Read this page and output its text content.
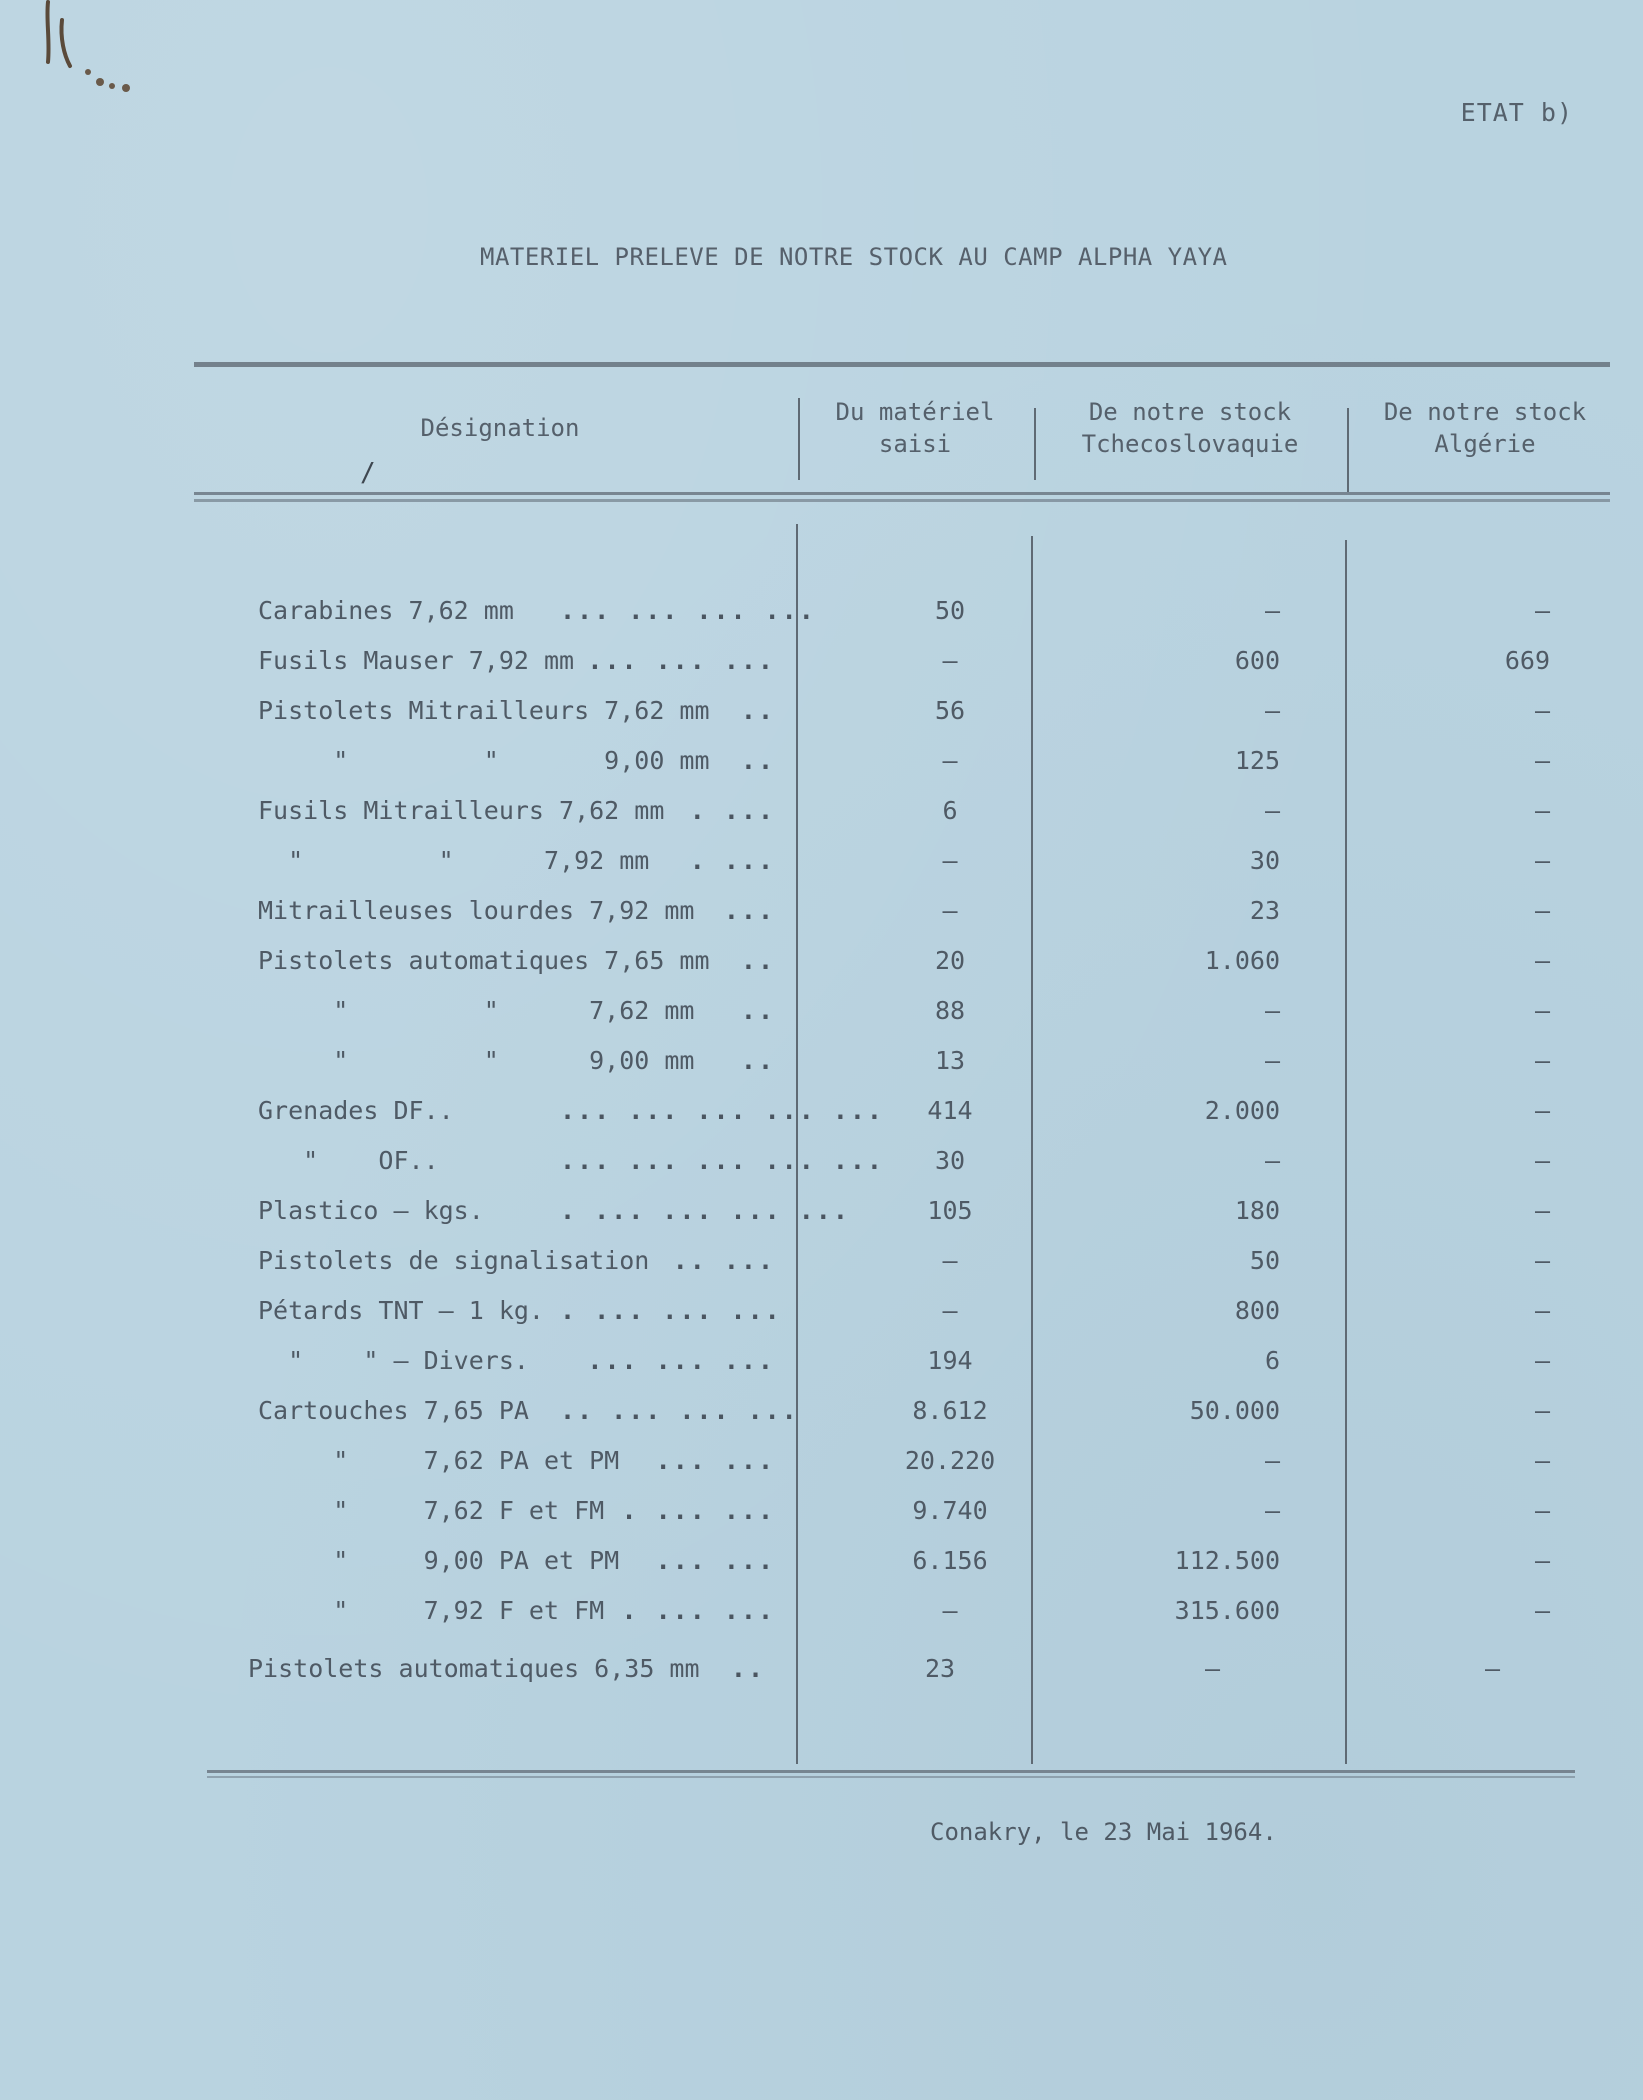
ETAT b)
MATERIEL PRELEVE DE NOTRE STOCK AU CAMP ALPHA YAYA
Désignation
Du matériel
saisi
De notre stock
Tchecoslovaquie
De notre stock
Algérie
∕
Carabines 7,62 mm ... ... ... ...	50	–	–
Fusils Mauser 7,92 mm ... ... ...	–	600	669
Pistolets Mitrailleurs 7,62 mm	..	56	–	–
"         "       9,00 mm	..	–	125	–
Fusils Mitrailleurs 7,62 mm	. ...	6	–	–
"         "      7,92 mm	. ...	–	30	–
Mitrailleuses lourdes 7,92 mm	...	–	23	–
Pistolets automatiques 7,65 mm	..	20	1.060	–
"         "      7,62 mm	..	88	–	–
"         "      9,00 mm	..	13	–	–
Grenades DF..	... ... ... ... ...	414	2.000	–
"    OF..	... ... ... ... ...	30	–	–
Plastico – kgs.	. ... ... ... ...	105	180	–
Pistolets de signalisation .. ...	–	50	–
Pétards TNT – 1 kg. . ... ... ...	–	800	–
"    " – Divers.	... ... ...	194	6	–
Cartouches 7,65 PA .. ... ... ...	8.612	50.000	–
"     7,62 PA et PM	... ...	20.220	–	–
"     7,62 F et FM . ... ...	9.740	–	–
"     9,00 PA et PM	... ...	6.156	112.500	–
"     7,92 F et FM . ... ...	–	315.600	–
Pistolets automatiques 6,35 mm	..	23	–	–
Conakry, le 23 Mai 1964.
